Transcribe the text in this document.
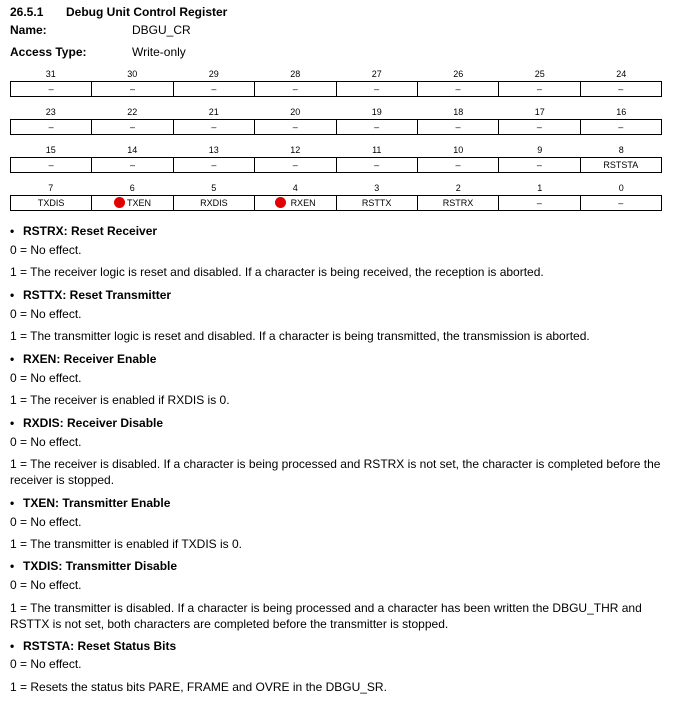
26.5.1 Debug Unit Control Register
Name:	DBGU_CR
Access Type:	Write-only
31	30	29	28	27	26	25	24
–	–	–	–	–	–	–	–
23	22	21	20	19	18	17	16
–	–	–	–	–	–	–	–
15	14	13	12	11	10	9	8
–	–	–	–	–	–	–	RSTSTA
7	6	5	4	3	2	1	0
TXDIS	TXEN	RXDIS	RXEN	RSTTX	RSTRX	–	–
• RSTRX: Reset Receiver
0 = No effect.
1 = The receiver logic is reset and disabled. If a character is being received, the reception is aborted.
• RSTTX: Reset Transmitter
0 = No effect.
1 = The transmitter logic is reset and disabled. If a character is being transmitted, the transmission is aborted.
• RXEN: Receiver Enable
0 = No effect.
1 = The receiver is enabled if RXDIS is 0.
• RXDIS: Receiver Disable
0 = No effect.
1 = The receiver is disabled. If a character is being processed and RSTRX is not set, the character is completed before the receiver is stopped.
• TXEN: Transmitter Enable
0 = No effect.
1 = The transmitter is enabled if TXDIS is 0.
• TXDIS: Transmitter Disable
0 = No effect.
1 = The transmitter is disabled. If a character is being processed and a character has been written the DBGU_THR and RSTTX is not set, both characters are completed before the transmitter is stopped.
• RSTSTA: Reset Status Bits
0 = No effect.
1 = Resets the status bits PARE, FRAME and OVRE in the DBGU_SR.
